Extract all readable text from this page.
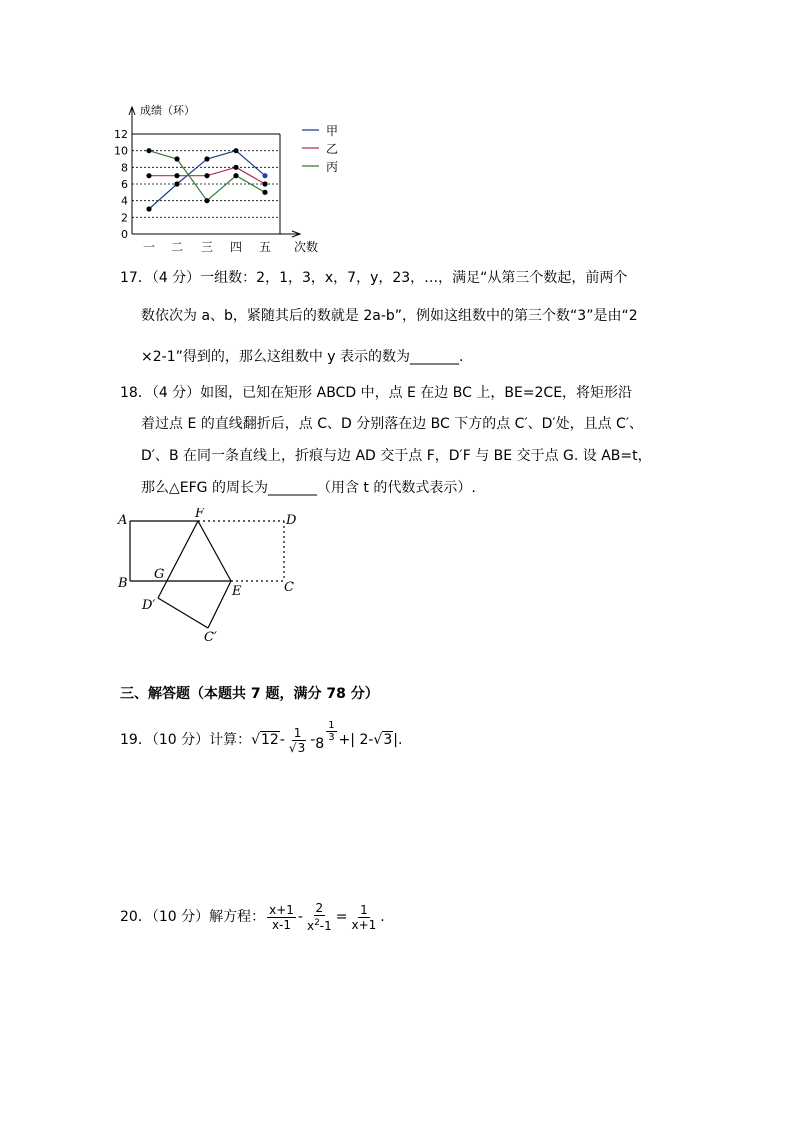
0
2
4
6
8
10
12
成绩（环）
一 二 三 四 五 次数
甲
乙
丙
17．（4 分）一组数：2，1，3，x，7，y，23，…，满足“从第三个数起，前两个
数依次为 a、b，紧随其后的数就是 2a-b”，例如这组数中的第三个数“3”是由“2
×2-1”得到的，那么这组数中 y 表示的数为_______.
18．（4 分）如图，已知在矩形 ABCD 中，点 E 在边 BC 上，BE=2CE，将矩形沿
着过点 E 的直线翻折后，点 C、D 分别落在边 BC 下方的点 C′、D′处，且点 C′、
D′、B 在同一条直线上，折痕与边 AD 交于点 F，D′F 与 BE 交于点 G. 设 AB=t，
那么△EFG 的周长为_______（用含 t 的代数式表示）.
A	F	D
B
G
E	C
D′
C′
三、解答题（本题共 7 题，满分 78 分）
19．（10 分）计算： $√12 - \frac{1}{√3} - 8$
$\frac{1}{3}$ +| 2- √3 |.
20．（10 分）解方程： $\frac{x+1}{x-1} - \frac{2}{x^2-1} = \frac{1}{x+1}$ .
